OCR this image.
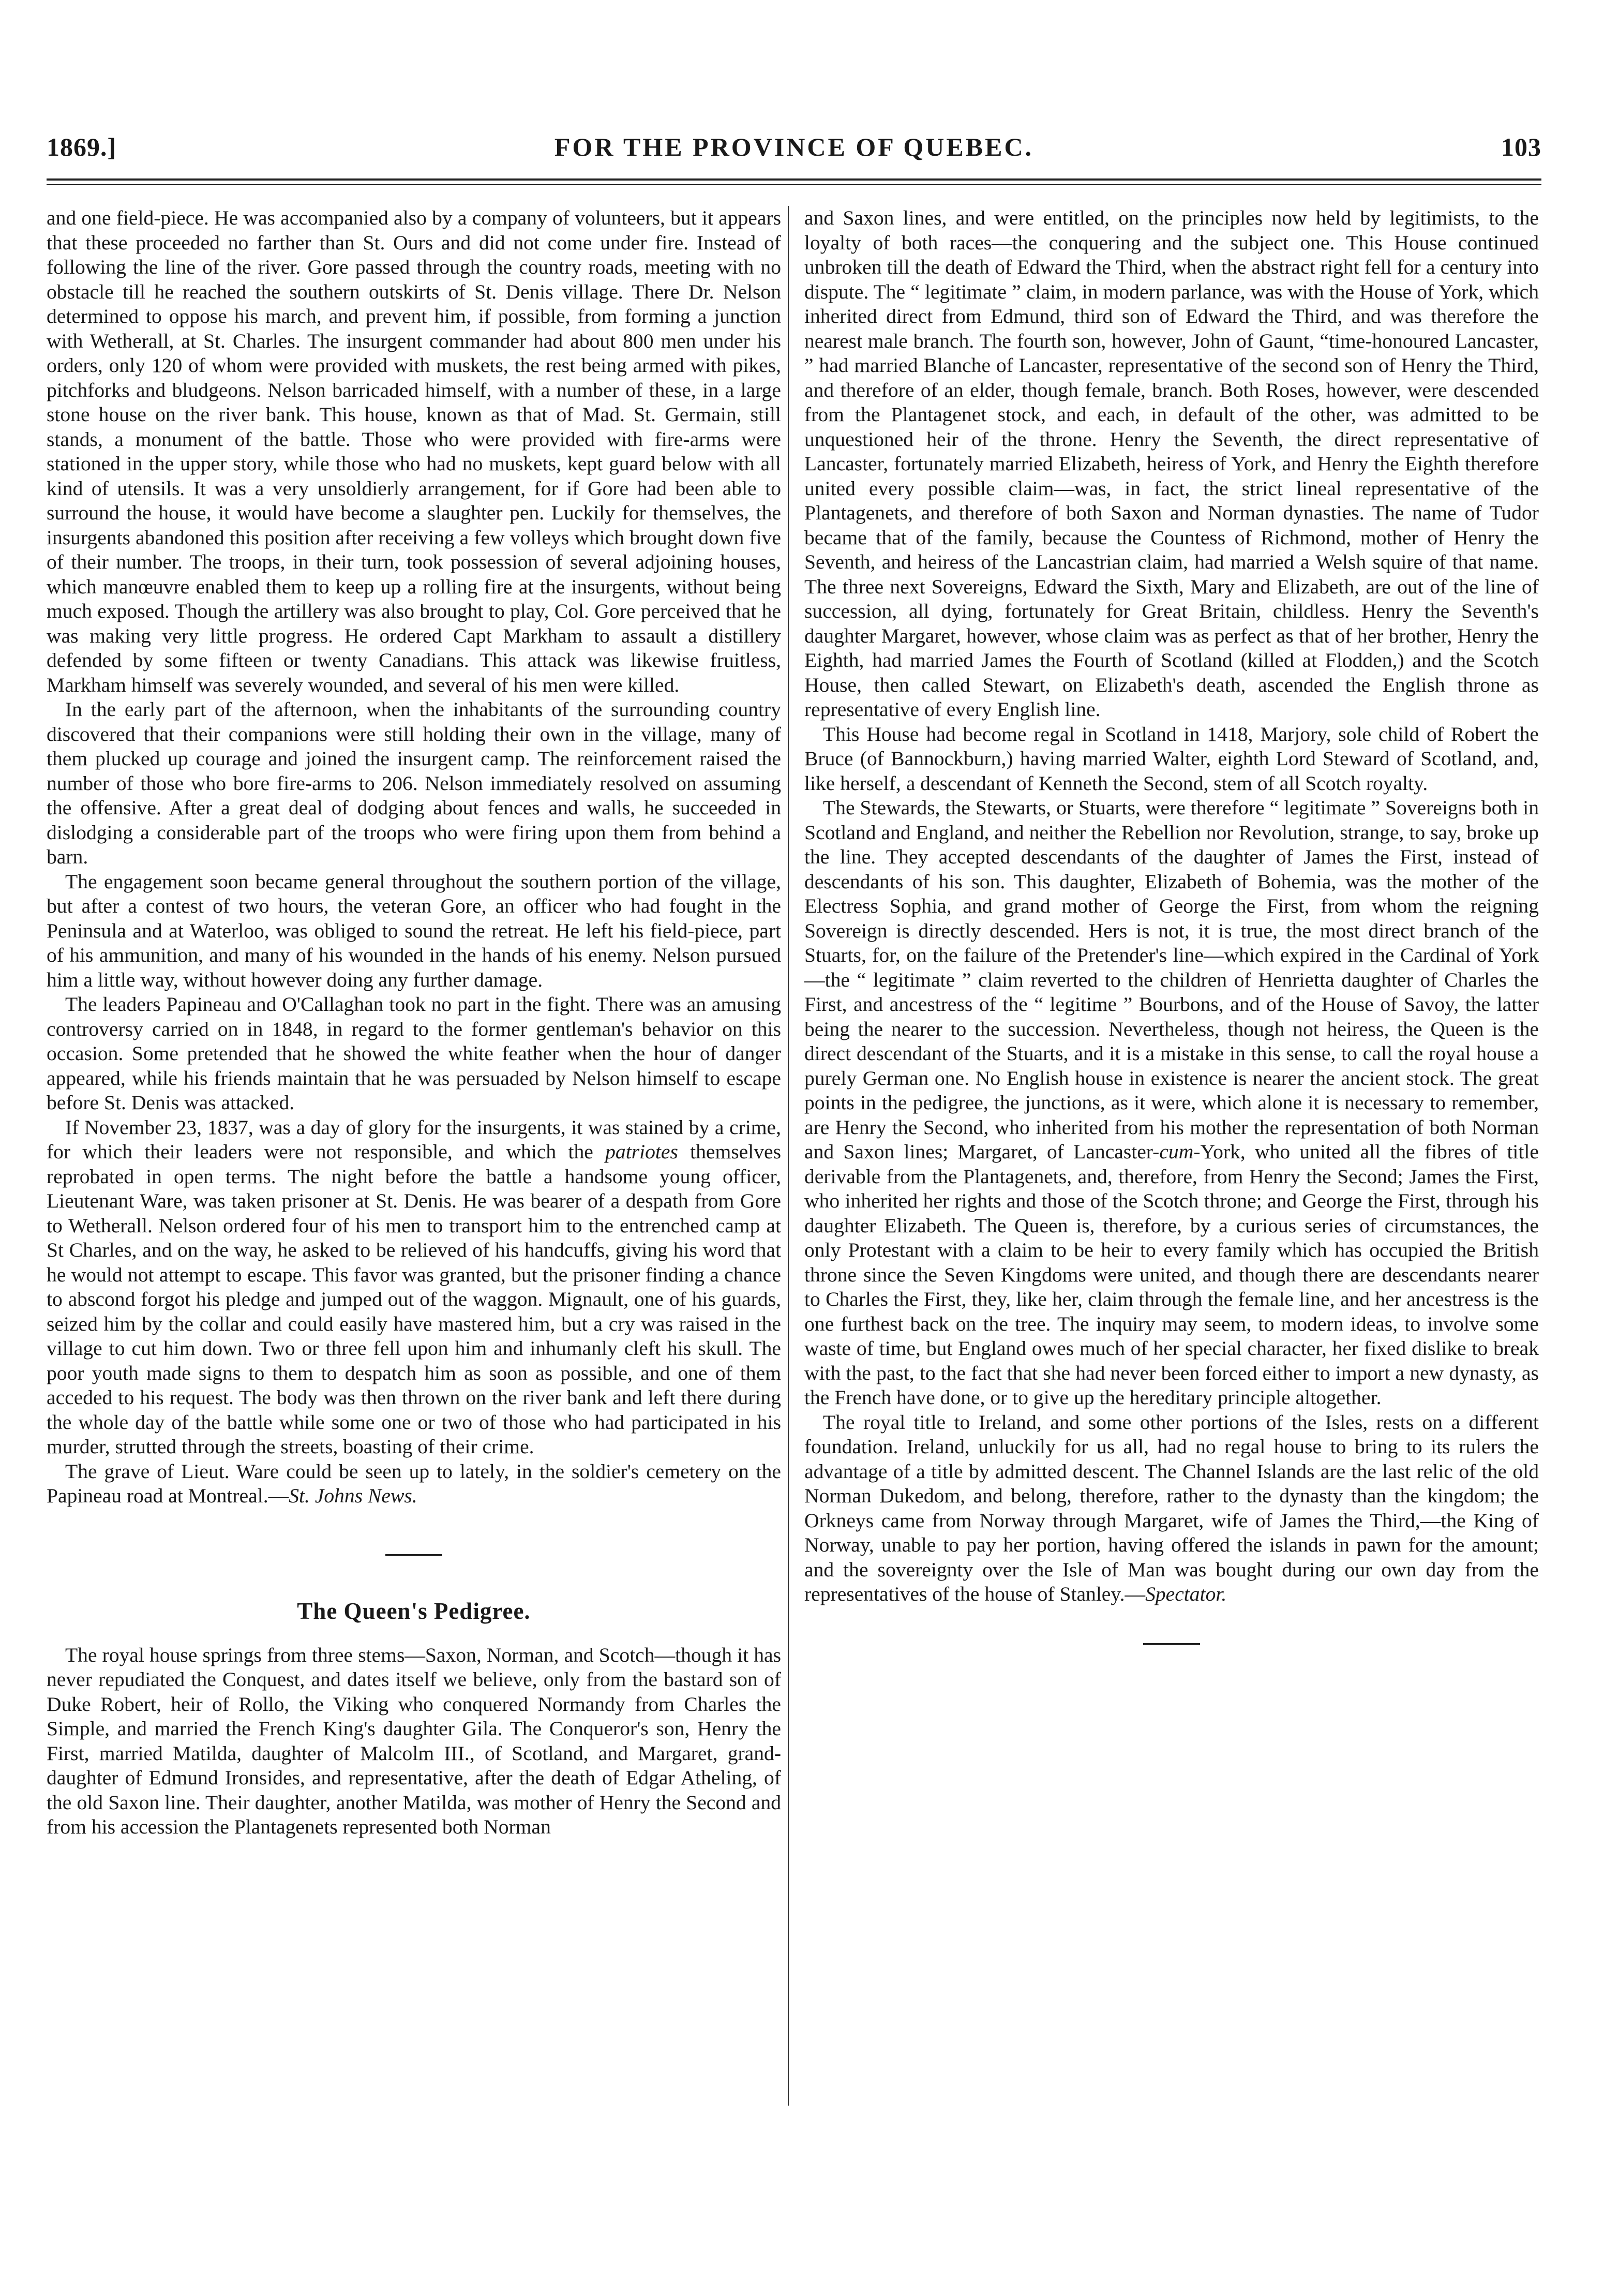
1869.]	FOR THE PROVINCE OF QUEBEC.	103

and one field-piece. He was accompanied also by a company of volunteers, but it appears that these proceeded no farther than St. Ours and did not come under fire. Instead of following the line of the river. Gore passed through the country roads, meeting with no obstacle till he reached the southern outskirts of St. Denis village. There Dr. Nelson determined to oppose his march, and prevent him, if possible, from forming a junction with Wetherall, at St. Charles. The insurgent commander had about 800 men under his orders, only 120 of whom were provided with muskets, the rest being armed with pikes, pitchforks and bludgeons. Nelson barricaded himself, with a number of these, in a large stone house on the river bank. This house, known as that of Mad. St. Germain, still stands, a monument of the battle. Those who were provided with fire-arms were stationed in the upper story, while those who had no muskets, kept guard below with all kind of utensils. It was a very unsoldierly arrangement, for if Gore had been able to surround the house, it would have become a slaughter pen. Luckily for themselves, the insurgents abandoned this position after receiving a few volleys which brought down five of their number. The troops, in their turn, took possession of several adjoining houses, which manœuvre enabled them to keep up a rolling fire at the insurgents, without being much exposed. Though the artillery was also brought to play, Col. Gore perceived that he was making very little progress. He ordered Capt Markham to assault a distillery defended by some fifteen or twenty Canadians. This attack was likewise fruitless, Markham himself was severely wounded, and several of his men were killed.

In the early part of the afternoon, when the inhabitants of the surrounding country discovered that their companions were still holding their own in the village, many of them plucked up courage and joined the insurgent camp. The reinforcement raised the number of those who bore fire-arms to 206. Nelson immediately resolved on assuming the offensive. After a great deal of dodging about fences and walls, he succeeded in dislodging a considerable part of the troops who were firing upon them from behind a barn.

The engagement soon became general throughout the southern portion of the village, but after a contest of two hours, the veteran Gore, an officer who had fought in the Peninsula and at Waterloo, was obliged to sound the retreat. He left his field-piece, part of his ammunition, and many of his wounded in the hands of his enemy. Nelson pursued him a little way, without however doing any further damage.

The leaders Papineau and O'Callaghan took no part in the fight. There was an amusing controversy carried on in 1848, in regard to the former gentleman's behavior on this occasion. Some pretended that he showed the white feather when the hour of danger appeared, while his friends maintain that he was persuaded by Nelson himself to escape before St. Denis was attacked.

If November 23, 1837, was a day of glory for the insurgents, it was stained by a crime, for which their leaders were not responsible, and which the patriotes themselves reprobated in open terms. The night before the battle a handsome young officer, Lieutenant Ware, was taken prisoner at St. Denis. He was bearer of a despath from Gore to Wetherall. Nelson ordered four of his men to transport him to the entrenched camp at St Charles, and on the way, he asked to be relieved of his handcuffs, giving his word that he would not attempt to escape. This favor was granted, but the prisoner finding a chance to abscond forgot his pledge and jumped out of the waggon. Mignault, one of his guards, seized him by the collar and could easily have mastered him, but a cry was raised in the village to cut him down. Two or three fell upon him and inhumanly cleft his skull. The poor youth made signs to them to despatch him as soon as possible, and one of them acceded to his request. The body was then thrown on the river bank and left there during the whole day of the battle while some one or two of those who had participated in his murder, strutted through the streets, boasting of their crime.

The grave of Lieut. Ware could be seen up to lately, in the soldier's cemetery on the Papineau road at Montreal.—St. Johns News.

The Queen's Pedigree.

The royal house springs from three stems—Saxon, Norman, and Scotch—though it has never repudiated the Conquest, and dates itself we believe, only from the bastard son of Duke Robert, heir of Rollo, the Viking who conquered Normandy from Charles the Simple, and married the French King's daughter Gila. The Conqueror's son, Henry the First, married Matilda, daughter of Malcolm III., of Scotland, and Margaret, grand-daughter of Edmund Ironsides, and representative, after the death of Edgar Atheling, of the old Saxon line. Their daughter, another Matilda, was mother of Henry the Second and from his accession the Plantagenets represented both Norman

and Saxon lines, and were entitled, on the principles now held by legitimists, to the loyalty of both races—the conquering and the subject one. This House continued unbroken till the death of Edward the Third, when the abstract right fell for a century into dispute. The “ legitimate ” claim, in modern parlance, was with the House of York, which inherited direct from Edmund, third son of Edward the Third, and was therefore the nearest male branch. The fourth son, however, John of Gaunt, “time-honoured Lancaster, ” had married Blanche of Lancaster, representative of the second son of Henry the Third, and therefore of an elder, though female, branch. Both Roses, however, were descended from the Plantagenet stock, and each, in default of the other, was admitted to be unquestioned heir of the throne. Henry the Seventh, the direct representative of Lancaster, fortunately married Elizabeth, heiress of York, and Henry the Eighth therefore united every possible claim—was, in fact, the strict lineal representative of the Plantagenets, and therefore of both Saxon and Norman dynasties. The name of Tudor became that of the family, because the Countess of Richmond, mother of Henry the Seventh, and heiress of the Lancastrian claim, had married a Welsh squire of that name. The three next Sovereigns, Edward the Sixth, Mary and Elizabeth, are out of the line of succession, all dying, fortunately for Great Britain, childless. Henry the Seventh's daughter Margaret, however, whose claim was as perfect as that of her brother, Henry the Eighth, had married James the Fourth of Scotland (killed at Flodden,) and the Scotch House, then called Stewart, on Elizabeth's death, ascended the English throne as representative of every English line.

This House had become regal in Scotland in 1418, Marjory, sole child of Robert the Bruce (of Bannockburn,) having married Walter, eighth Lord Steward of Scotland, and, like herself, a descendant of Kenneth the Second, stem of all Scotch royalty.

The Stewards, the Stewarts, or Stuarts, were therefore “ legitimate ” Sovereigns both in Scotland and England, and neither the Rebellion nor Revolution, strange, to say, broke up the line. They accepted descendants of the daughter of James the First, instead of descendants of his son. This daughter, Elizabeth of Bohemia, was the mother of the Electress Sophia, and grand mother of George the First, from whom the reigning Sovereign is directly descended. Hers is not, it is true, the most direct branch of the Stuarts, for, on the failure of the Pretender's line—which expired in the Cardinal of York—the “ legitimate ” claim reverted to the children of Henrietta daughter of Charles the First, and ancestress of the “ legitime ” Bourbons, and of the House of Savoy, the latter being the nearer to the succession. Nevertheless, though not heiress, the Queen is the direct descendant of the Stuarts, and it is a mistake in this sense, to call the royal house a purely German one. No English house in existence is nearer the ancient stock. The great points in the pedigree, the junctions, as it were, which alone it is necessary to remember, are Henry the Second, who inherited from his mother the representation of both Norman and Saxon lines; Margaret, of Lancaster-cum-York, who united all the fibres of title derivable from the Plantagenets, and, therefore, from Henry the Second; James the First, who inherited her rights and those of the Scotch throne; and George the First, through his daughter Elizabeth. The Queen is, therefore, by a curious series of circumstances, the only Protestant with a claim to be heir to every family which has occupied the British throne since the Seven Kingdoms were united, and though there are descendants nearer to Charles the First, they, like her, claim through the female line, and her ancestress is the one furthest back on the tree. The inquiry may seem, to modern ideas, to involve some waste of time, but England owes much of her special character, her fixed dislike to break with the past, to the fact that she had never been forced either to import a new dynasty, as the French have done, or to give up the hereditary principle altogether.

The royal title to Ireland, and some other portions of the Isles, rests on a different foundation. Ireland, unluckily for us all, had no regal house to bring to its rulers the advantage of a title by admitted descent. The Channel Islands are the last relic of the old Norman Dukedom, and belong, therefore, rather to the dynasty than the kingdom; the Orkneys came from Norway through Margaret, wife of James the Third,—the King of Norway, unable to pay her portion, having offered the islands in pawn for the amount; and the sovereignty over the Isle of Man was bought during our own day from the representatives of the house of Stanley.—Spectator.
